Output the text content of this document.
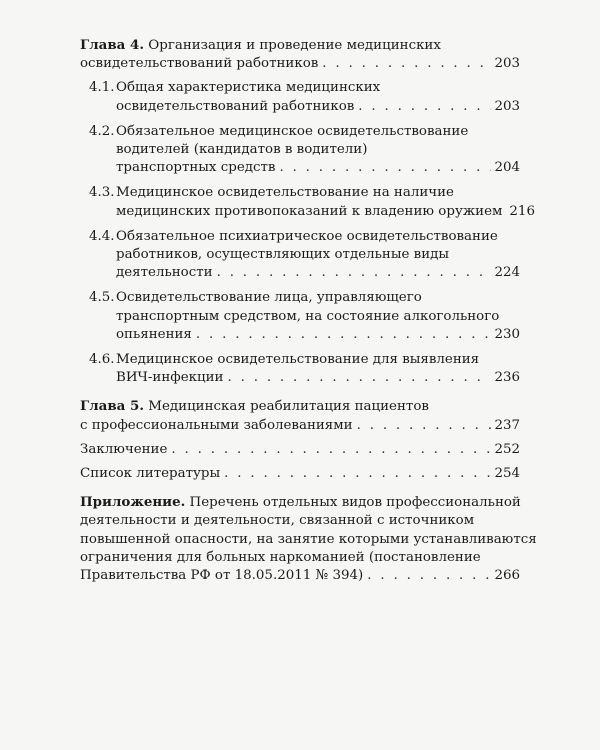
Глава 4. Организация и проведение медицинских
освидетельствований работников . . .	203
4.1.Общая характеристика медицинских
освидетельствований работников . . .	203
4.2.Обязательное медицинское освидетельствование
водителей (кандидатов в водители)
транспортных средств . . .	204
4.3.Медицинское освидетельствование на наличие
медицинских противопоказаний к владению оружием 216
4.4.Обязательное психиатрическое освидетельствование
работников, осуществляющих отдельные виды
деятельности . . .	224
4.5.Освидетельствование лица, управляющего
транспортным средством, на состояние алкогольного
опьянения . . .	230
4.6.Медицинское освидетельствование для выявления
ВИЧ-инфекции . . .	236
Глава 5. Медицинская реабилитация пациентов
с профессиональными заболеваниями . . .	237
Заключение . . .	252
Список литературы . . .	254
Приложение. Перечень отдельных видов профессиональной
деятельности и деятельности, связанной с источником
повышенной опасности, на занятие которыми устанавливаются
ограничения для больных наркоманией (постановление
Правительства РФ от 18.05.2011 № 394) . . .	266
